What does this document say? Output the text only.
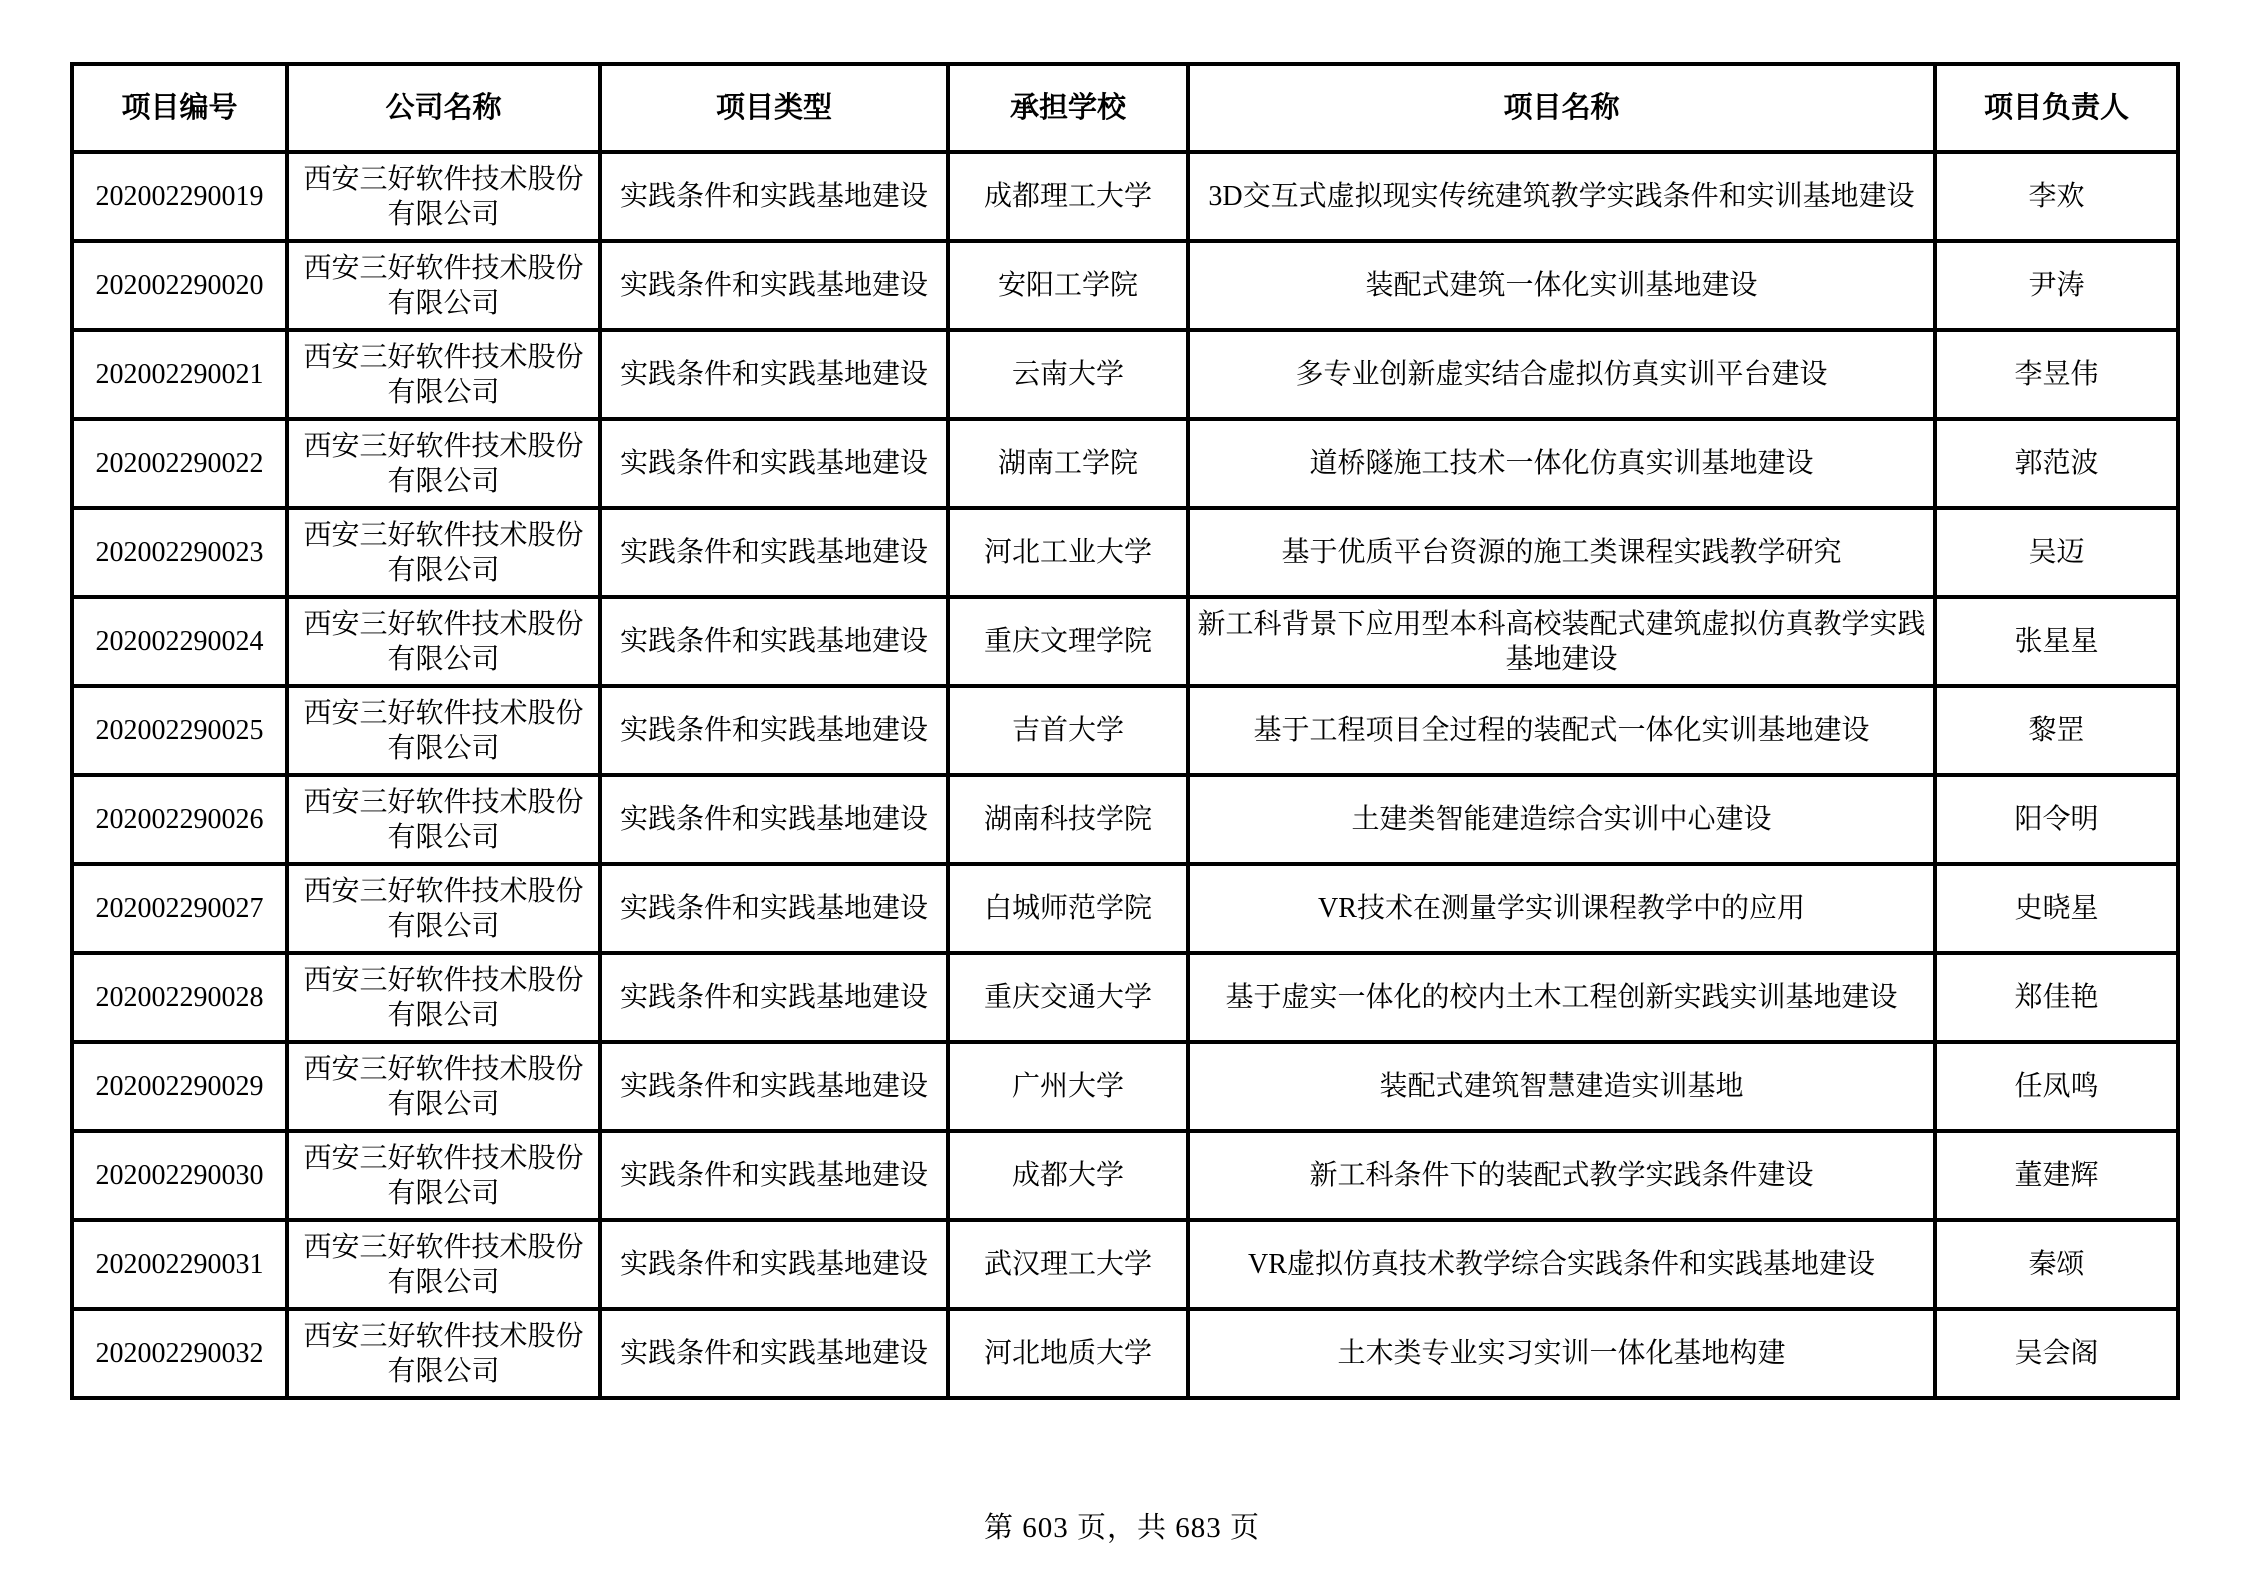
项目编号	公司名称	项目类型	承担学校	项目名称	项目负责人
202002290019	西安三好软件技术股份有限公司	实践条件和实践基地建设	成都理工大学	3D交互式虚拟现实传统建筑教学实践条件和实训基地建设	李欢
202002290020	西安三好软件技术股份有限公司	实践条件和实践基地建设	安阳工学院	装配式建筑一体化实训基地建设	尹涛
202002290021	西安三好软件技术股份有限公司	实践条件和实践基地建设	云南大学	多专业创新虚实结合虚拟仿真实训平台建设	李昱伟
202002290022	西安三好软件技术股份有限公司	实践条件和实践基地建设	湖南工学院	道桥隧施工技术一体化仿真实训基地建设	郭范波
202002290023	西安三好软件技术股份有限公司	实践条件和实践基地建设	河北工业大学	基于优质平台资源的施工类课程实践教学研究	吴迈
202002290024	西安三好软件技术股份有限公司	实践条件和实践基地建设	重庆文理学院	新工科背景下应用型本科高校装配式建筑虚拟仿真教学实践基地建设	张星星
202002290025	西安三好软件技术股份有限公司	实践条件和实践基地建设	吉首大学	基于工程项目全过程的装配式一体化实训基地建设	黎罡
202002290026	西安三好软件技术股份有限公司	实践条件和实践基地建设	湖南科技学院	土建类智能建造综合实训中心建设	阳令明
202002290027	西安三好软件技术股份有限公司	实践条件和实践基地建设	白城师范学院	VR技术在测量学实训课程教学中的应用	史晓星
202002290028	西安三好软件技术股份有限公司	实践条件和实践基地建设	重庆交通大学	基于虚实一体化的校内土木工程创新实践实训基地建设	郑佳艳
202002290029	西安三好软件技术股份有限公司	实践条件和实践基地建设	广州大学	装配式建筑智慧建造实训基地	任凤鸣
202002290030	西安三好软件技术股份有限公司	实践条件和实践基地建设	成都大学	新工科条件下的装配式教学实践条件建设	董建辉
202002290031	西安三好软件技术股份有限公司	实践条件和实践基地建设	武汉理工大学	VR虚拟仿真技术教学综合实践条件和实践基地建设	秦颂
202002290032	西安三好软件技术股份有限公司	实践条件和实践基地建设	河北地质大学	土木类专业实习实训一体化基地构建	吴会阁
第 603 页，共 683 页
